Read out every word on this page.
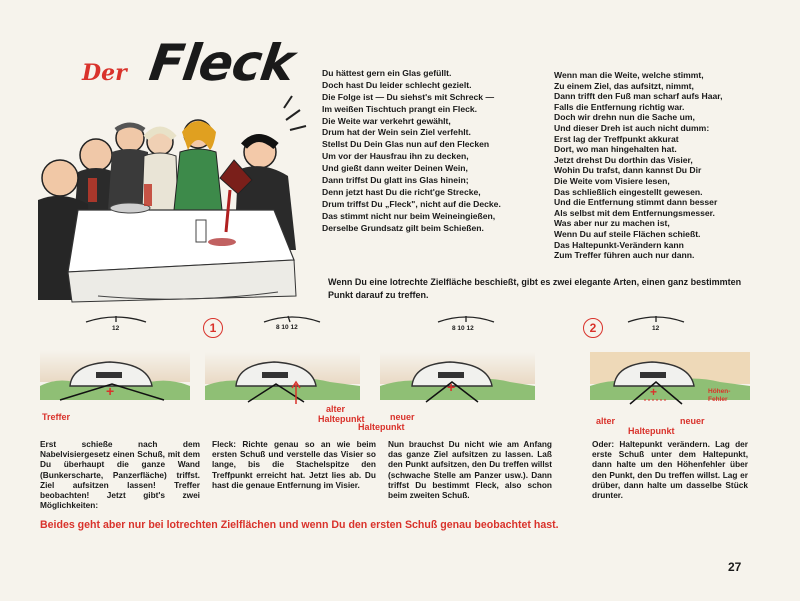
Der Fleck	Du hättest gern ein Glas gefüllt.
Doch hast Du leider schlecht gezielt.
Die Folge ist — Du siehst's mit Schreck —
Im weißen Tischtuch prangt ein Fleck.
Die Weite war verkehrt gewählt,
Drum hat der Wein sein Ziel verfehlt.
Stellst Du Dein Glas nun auf den Flecken
Um vor der Hausfrau ihn zu decken,
Und gießt dann weiter Deinen Wein,
Dann triffst Du glatt ins Glas hinein;
Denn jetzt hast Du die richt'ge Strecke,
Drum triffst Du „Fleck", nicht auf die Decke.
Das stimmt nicht nur beim Weineingießen,
Derselbe Grundsatz gilt beim Schießen.
Wenn man die Weite, welche stimmt,
Zu einem Ziel, das aufsitzt, nimmt,
Dann trifft den Fuß man scharf aufs Haar,
Falls die Entfernung richtig war.
Doch wir drehn nun die Sache um,
Und dieser Dreh ist auch nicht dumm:
Erst lag der Treffpunkt akkurat
Dort, wo man hingehalten hat.
Jetzt drehst Du dorthin das Visier,
Wohin Du trafst, dann kannst Du Dir
Die Weite vom Visiere lesen,
Das schließlich eingestellt gewesen.
Und die Entfernung stimmt dann besser
Als selbst mit dem Entfernungsmesser.
Was aber nur zu machen ist,
Wenn Du auf steile Flächen schießt.
Das Haltepunkt-Verändern kann
Zum Treffer führen auch nur dann.
Wenn Du eine lotrechte Zielfläche beschießt, gibt es zwei elegante Arten, einen ganz bestimmten Punkt darauf zu treffen.
1	2
12	8 10 12	8 10 12	12
+	+	+
Treffer
alter
Haltepunkt	neuer
Haltepunkt
alter	neuer
Haltepunkt
Höhen-
Fehler
Erst schieße nach dem Nabelvisiergesetz einen Schuß, mit dem Du überhaupt die ganze Wand (Bunkerscharte, Panzerfläche) triffst. Ziel aufsitzen lassen! Treffer beobachten! Jetzt gibt's zwei Möglichkeiten:
Fleck: Richte genau so an wie beim ersten Schuß und verstelle das Visier so lange, bis die Stachelspitze den Treffpunkt erreicht hat. Jetzt lies ab. Du hast die genaue Entfernung im Visier.
Nun brauchst Du nicht wie am Anfang das ganze Ziel aufsitzen zu lassen. Laß den Punkt aufsitzen, den Du treffen willst (schwache Stelle am Panzer usw.). Dann triffst Du bestimmt Fleck, also schon beim zweiten Schuß.
Oder: Haltepunkt verändern. Lag der erste Schuß unter dem Haltepunkt, dann halte um den Höhenfehler über den Punkt, den Du treffen willst. Lag er drüber, dann halte um dasselbe Stück drunter.
Beides geht aber nur bei lotrechten Zielflächen und wenn Du den ersten Schuß genau beobachtet hast.
27
